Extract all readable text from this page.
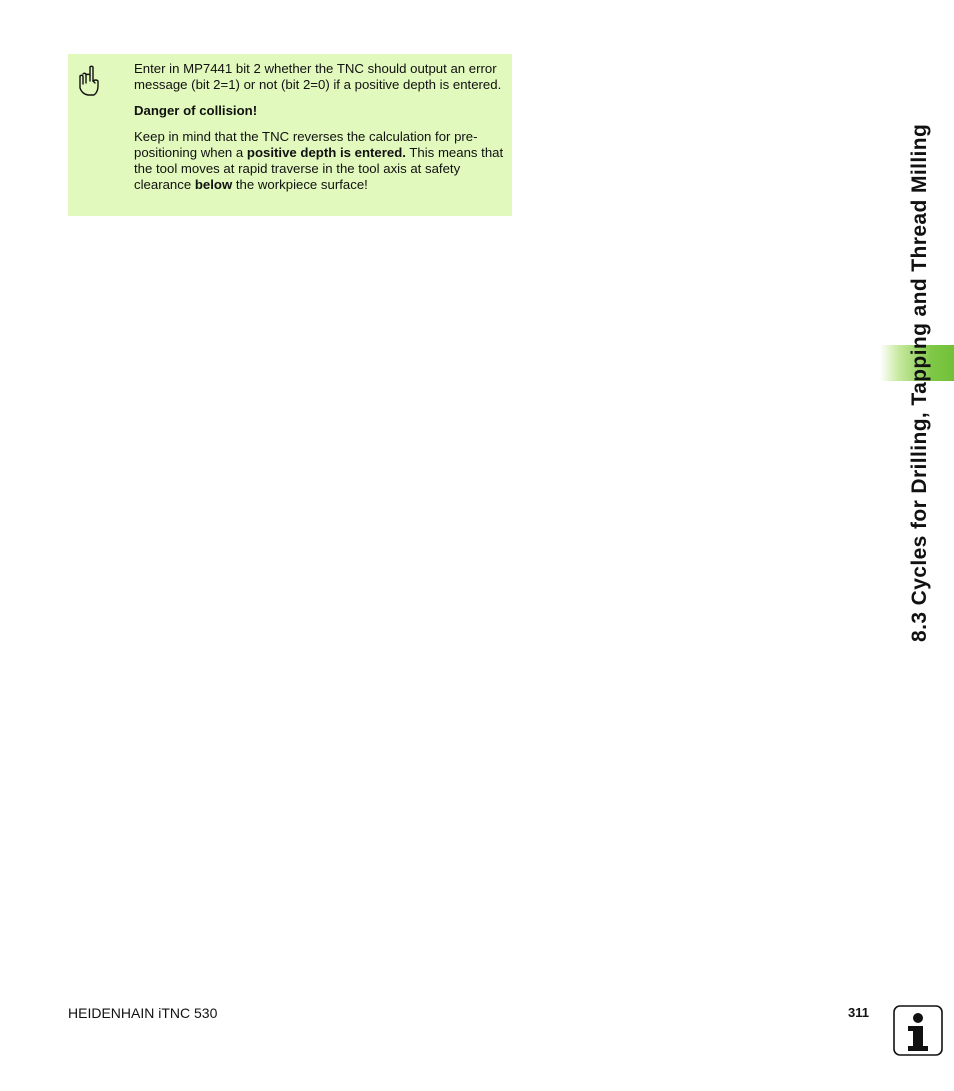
Enter in MP7441 bit 2 whether the TNC should output an error message (bit 2=1) or not (bit 2=0) if a positive depth is entered.

Danger of collision!

Keep in mind that the TNC reverses the calculation for pre-positioning when a positive depth is entered. This means that the tool moves at rapid traverse in the tool axis at safety clearance below the workpiece surface!	8.3 Cycles for Drilling, Tapping and Thread Milling
HEIDENHAIN iTNC 530	311
